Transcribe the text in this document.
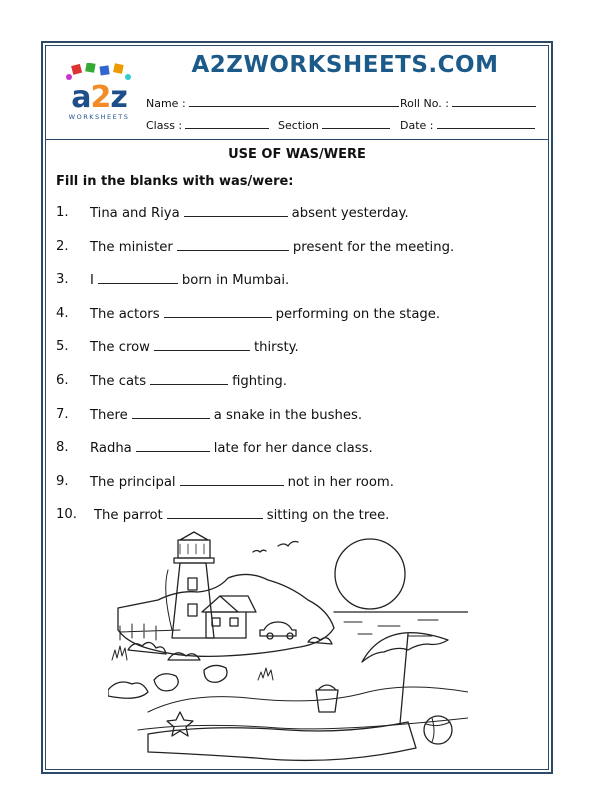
a2z
WORKSHEETS
A2ZWORKSHEETS.COM
Name :	Roll No. :
Class :	Section	Date :
USE OF WAS/WERE
Fill in the blanks with was/were:
1. Tina and Riya	absent yesterday.
2. The minister	present for the meeting.
3. I	born in Mumbai.
4. The actors	performing on the stage.
5. The crow	thirsty.
6. The cats	fighting.
7. There	a snake in the bushes.
8. Radha	late for her dance class.
9. The principal	not in her room.
10. The parrot	sitting on the tree.
